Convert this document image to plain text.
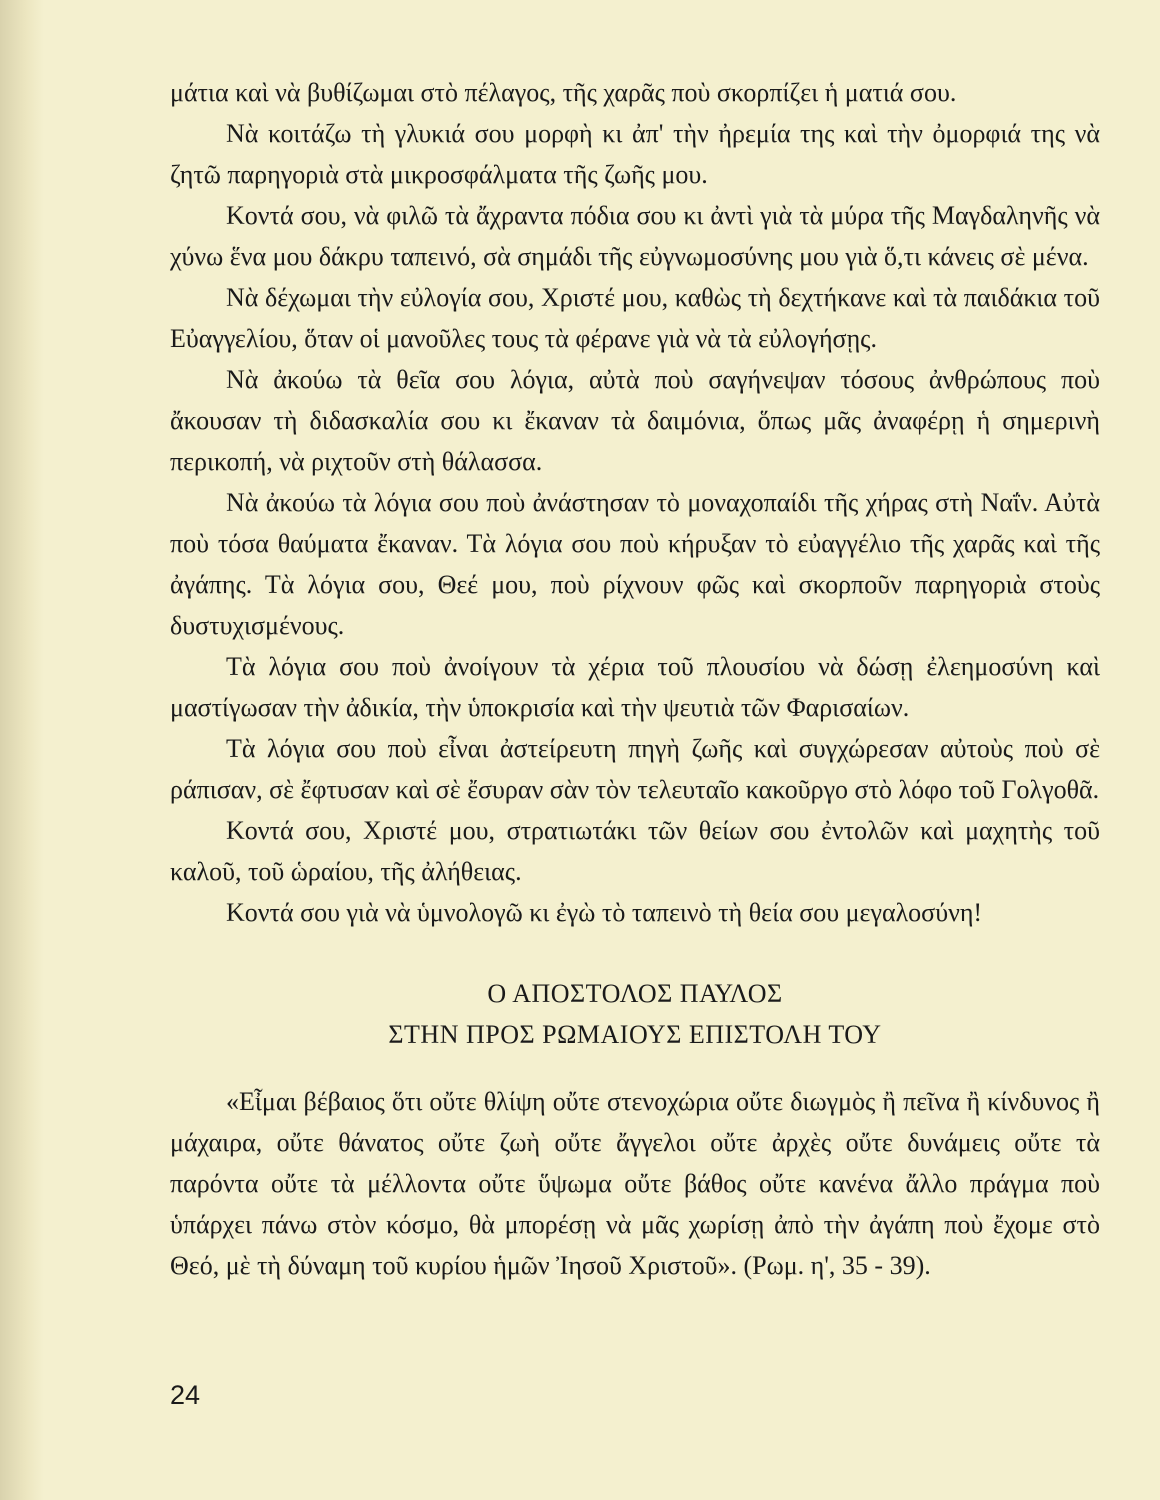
μάτια καὶ νὰ βυθίζωμαι στὸ πέλαγος, τῆς χαρᾶς ποὺ σκορπίζει ἡ ματιά σου.

Νὰ κοιτάζω τὴ γλυκιά σου μορφὴ κι ἀπ' τὴν ἠρεμία της καὶ τὴν ὀμορφιά της νὰ ζητῶ παρηγοριὰ στὰ μικροσφάλματα τῆς ζωῆς μου.

Κοντά σου, νὰ φιλῶ τὰ ἄχραντα πόδια σου κι ἀντὶ γιὰ τὰ μύρα τῆς Μαγδαληνῆς νὰ χύνω ἕνα μου δάκρυ ταπεινό, σὰ σημάδι τῆς εὐγνωμοσύνης μου γιὰ ὅ,τι κάνεις σὲ μένα.

Νὰ δέχωμαι τὴν εὐλογία σου, Χριστέ μου, καθὼς τὴ δεχτήκανε καὶ τὰ παιδάκια τοῦ Εὐαγγελίου, ὅταν οἱ μανοῦλες τους τὰ φέρανε γιὰ νὰ τὰ εὐλογήσῃς.

Νὰ ἀκούω τὰ θεῖα σου λόγια, αὐτὰ ποὺ σαγήνεψαν τόσους ἀνθρώπους ποὺ ἄκουσαν τὴ διδασκαλία σου κι ἔκαναν τὰ δαιμόνια, ὅπως μᾶς ἀναφέρῃ ἡ σημερινὴ περικοπή, νὰ ριχτοῦν στὴ θάλασσα.

Νὰ ἀκούω τὰ λόγια σου ποὺ ἀνάστησαν τὸ μοναχοπαίδι τῆς χήρας στὴ Ναΐν. Αὐτὰ ποὺ τόσα θαύματα ἔκαναν. Τὰ λόγια σου ποὺ κήρυξαν τὸ εὐαγγέλιο τῆς χαρᾶς καὶ τῆς ἀγάπης. Τὰ λόγια σου, Θεέ μου, ποὺ ρίχνουν φῶς καὶ σκορποῦν παρηγοριὰ στοὺς δυστυχισμένους.

Τὰ λόγια σου ποὺ ἀνοίγουν τὰ χέρια τοῦ πλουσίου νὰ δώσῃ ἐλεημοσύνη καὶ μαστίγωσαν τὴν ἀδικία, τὴν ὑποκρισία καὶ τὴν ψευτιὰ τῶν Φαρισαίων.

Τὰ λόγια σου ποὺ εἶναι ἀστείρευτη πηγὴ ζωῆς καὶ συγχώρεσαν αὐτοὺς ποὺ σὲ ράπισαν, σὲ ἔφτυσαν καὶ σὲ ἔσυραν σὰν τὸν τελευταῖο κακοῦργο στὸ λόφο τοῦ Γολγοθᾶ.

Κοντά σου, Χριστέ μου, στρατιωτάκι τῶν θείων σου ἐντολῶν καὶ μαχητὴς τοῦ καλοῦ, τοῦ ὡραίου, τῆς ἀλήθειας.

Κοντά σου γιὰ νὰ ὑμνολογῶ κι ἐγὼ τὸ ταπεινὸ τὴ θεία σου μεγαλοσύνη!

Ο ΑΠΟΣΤΟΛΟΣ ΠΑΥΛΟΣ
ΣΤΗΝ ΠΡΟΣ ΡΩΜΑΙΟΥΣ ΕΠΙΣΤΟΛΗ ΤΟΥ

«Εἶμαι βέβαιος ὅτι οὔτε θλίψη οὔτε στενοχώρια οὔτε διωγμὸς ἢ πεῖνα ἢ κίνδυνος ἢ μάχαιρα, οὔτε θάνατος οὔτε ζωὴ οὔτε ἄγγελοι οὔτε ἀρχὲς οὔτε δυνάμεις οὔτε τὰ παρόντα οὔτε τὰ μέλλοντα οὔτε ὕψωμα οὔτε βάθος οὔτε κανένα ἄλλο πράγμα ποὺ ὑπάρχει πάνω στὸν κόσμο, θὰ μπορέσῃ νὰ μᾶς χωρίσῃ ἀπὸ τὴν ἀγάπη ποὺ ἔχομε στὸ Θεό, μὲ τὴ δύναμη τοῦ κυρίου ἡμῶν Ἰησοῦ Χριστοῦ». (Ρωμ. η', 35 - 39).

24
